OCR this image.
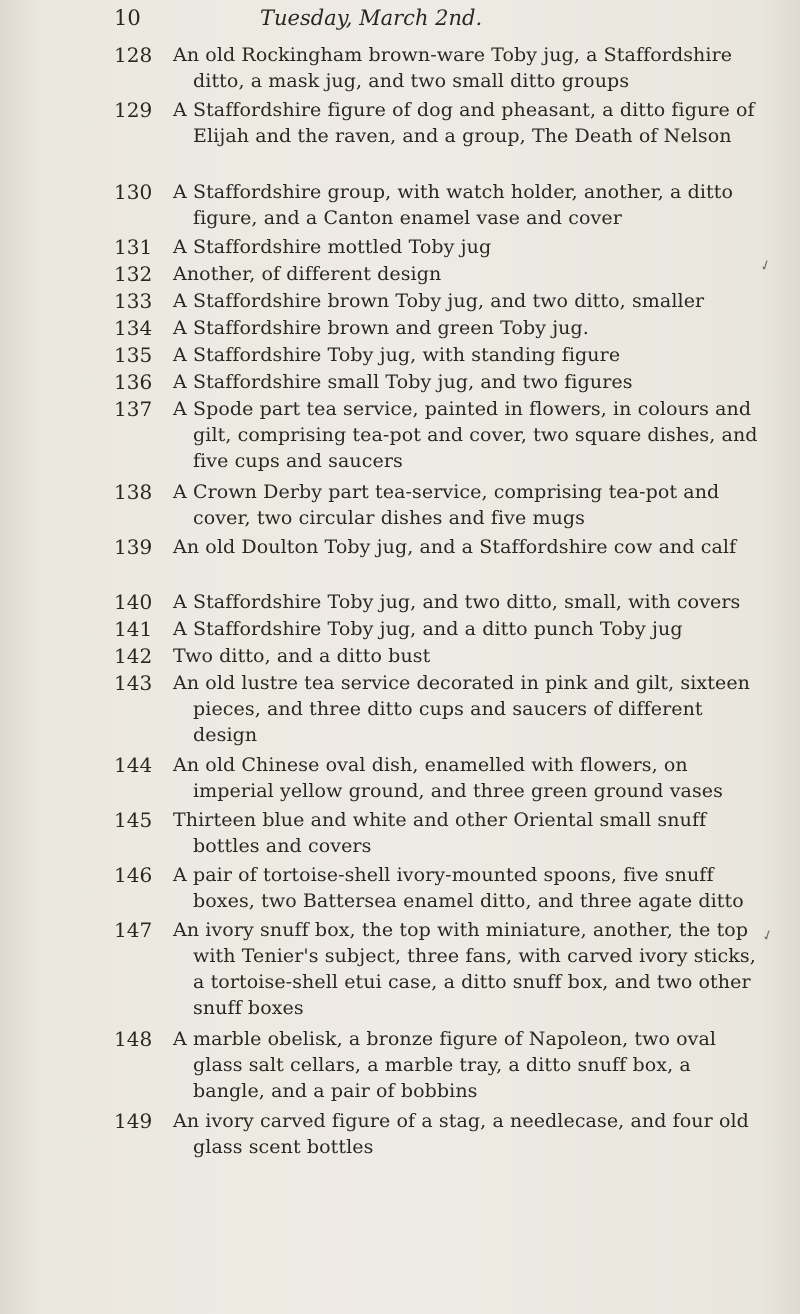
10	Tuesday, March 2nd.
128	An old Rockingham brown-ware Toby jug, a Staffordshire ditto, a mask jug, and two small ditto groups
129	A Staffordshire figure of dog and pheasant, a ditto figure of Elijah and the raven, and a group, The Death of Nelson
130	A Staffordshire group, with watch holder, another, a ditto figure, and a Canton enamel vase and cover
131	A Staffordshire mottled Toby jug
132	Another, of different design
133	A Staffordshire brown Toby jug, and two ditto, smaller
134	A Staffordshire brown and green Toby jug.
135	A Staffordshire Toby jug, with standing figure
136	A Staffordshire small Toby jug, and two figures
137	A Spode part tea service, painted in flowers, in colours and gilt, comprising tea-pot and cover, two square dishes, and five cups and saucers
138	A Crown Derby part tea-service, comprising tea-pot and cover, two circular dishes and five mugs
139	An old Doulton Toby jug, and a Staffordshire cow and calf
140	A Staffordshire Toby jug, and two ditto, small, with covers
141	A Staffordshire Toby jug, and a ditto punch Toby jug
142	Two ditto, and a ditto bust
143	An old lustre tea service decorated in pink and gilt, sixteen pieces, and three ditto cups and saucers of different design
144	An old Chinese oval dish, enamelled with flowers, on imperial yellow ground, and three green ground vases
145	Thirteen blue and white and other Oriental small snuff bottles and covers
146	A pair of tortoise-shell ivory-mounted spoons, five snuff boxes, two Battersea enamel ditto, and three agate ditto
147	An ivory snuff box, the top with miniature, another, the top with Tenier's subject, three fans, with carved ivory sticks, a tortoise-shell etui case, a ditto snuff box, and two other snuff boxes
148	A marble obelisk, a bronze figure of Napoleon, two oval glass salt cellars, a marble tray, a ditto snuff box, a bangle, and a pair of bobbins
149	An ivory carved figure of a stag, a needlecase, and four old glass scent bottles
✓
✓
